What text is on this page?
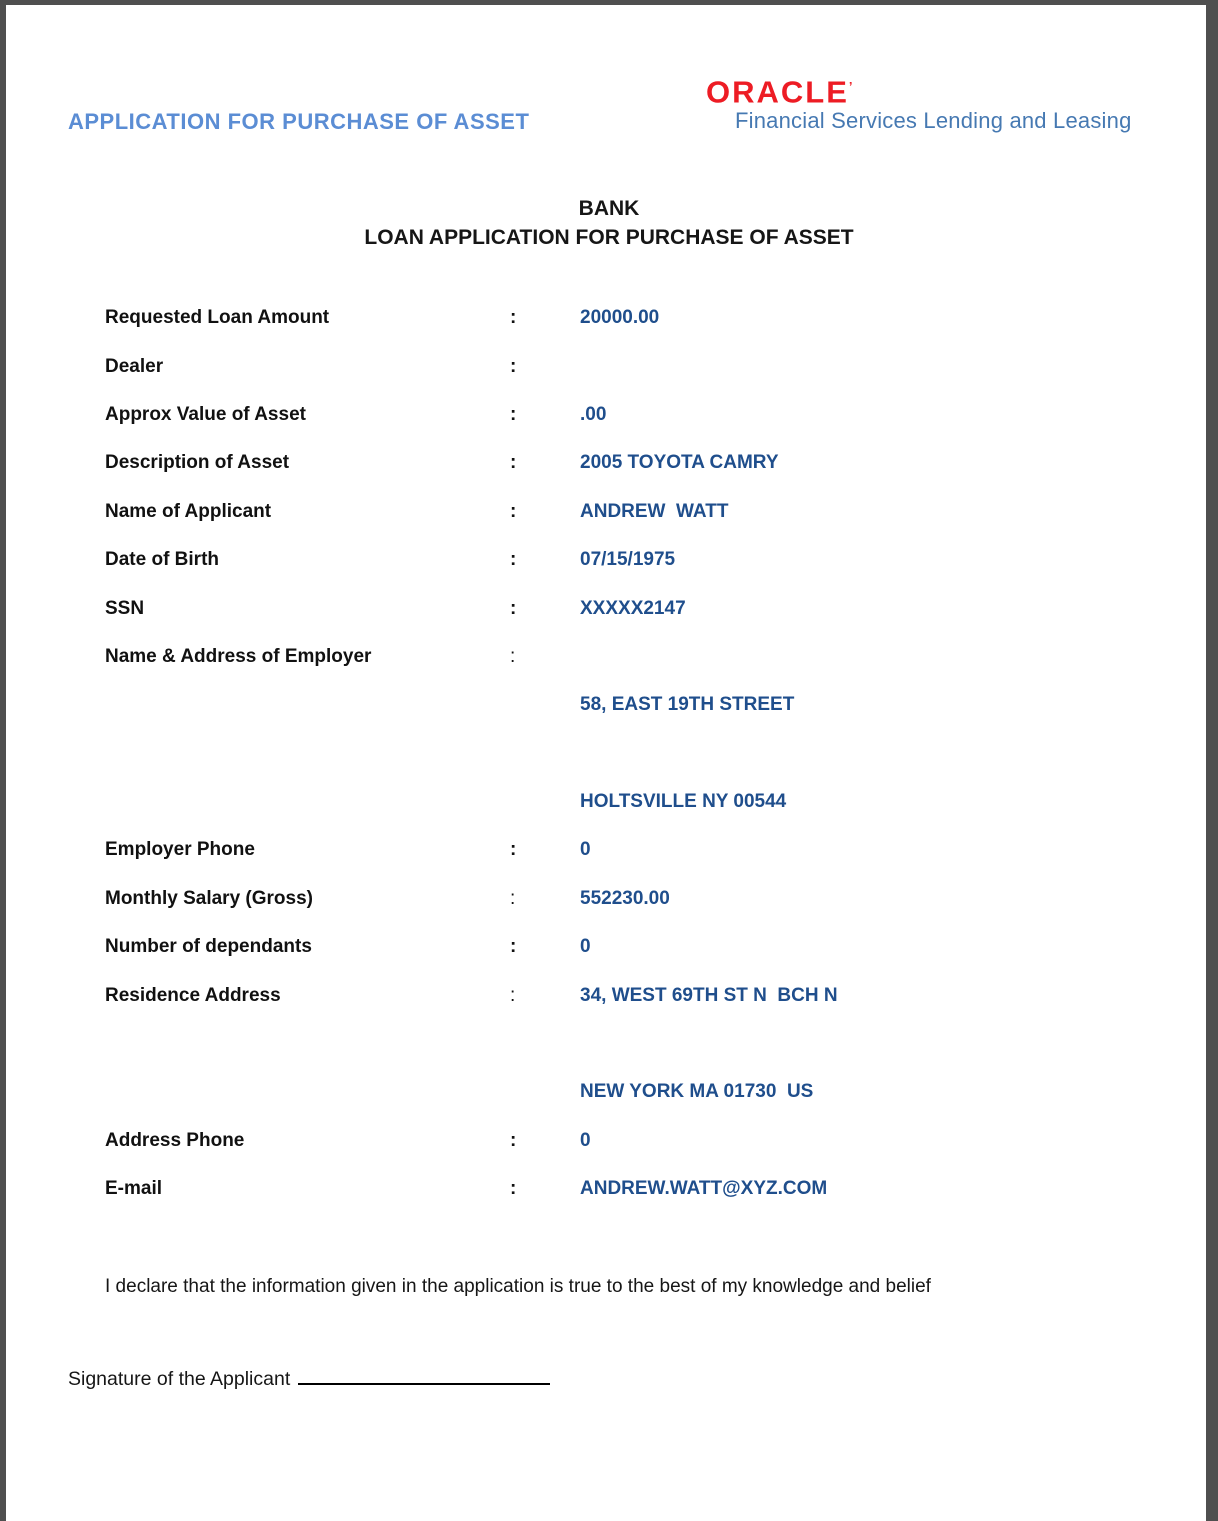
APPLICATION FOR PURCHASE OF ASSET
ORACLE’
Financial Services Lending and Leasing
BANK
LOAN APPLICATION FOR PURCHASE OF ASSET
Requested Loan Amount	:	20000.00
Dealer	:
Approx Value of Asset	:	.00
Description of Asset	:	2005 TOYOTA CAMRY
Name of Applicant	:	ANDREW  WATT
Date of Birth	:	07/15/1975
SSN	:	XXXXX2147
Name & Address of Employer	:
58, EAST 19TH STREET
HOLTSVILLE NY 00544
Employer Phone	:	0
Monthly Salary (Gross)	:	552230.00
Number of dependants	:	0
Residence Address	:	34, WEST 69TH ST N  BCH N
NEW YORK MA 01730  US
Address Phone	:	0
E-mail	:	ANDREW.WATT@XYZ.COM
I declare that the information given in the application is true to the best of my knowledge and belief
Signature of the Applicant
